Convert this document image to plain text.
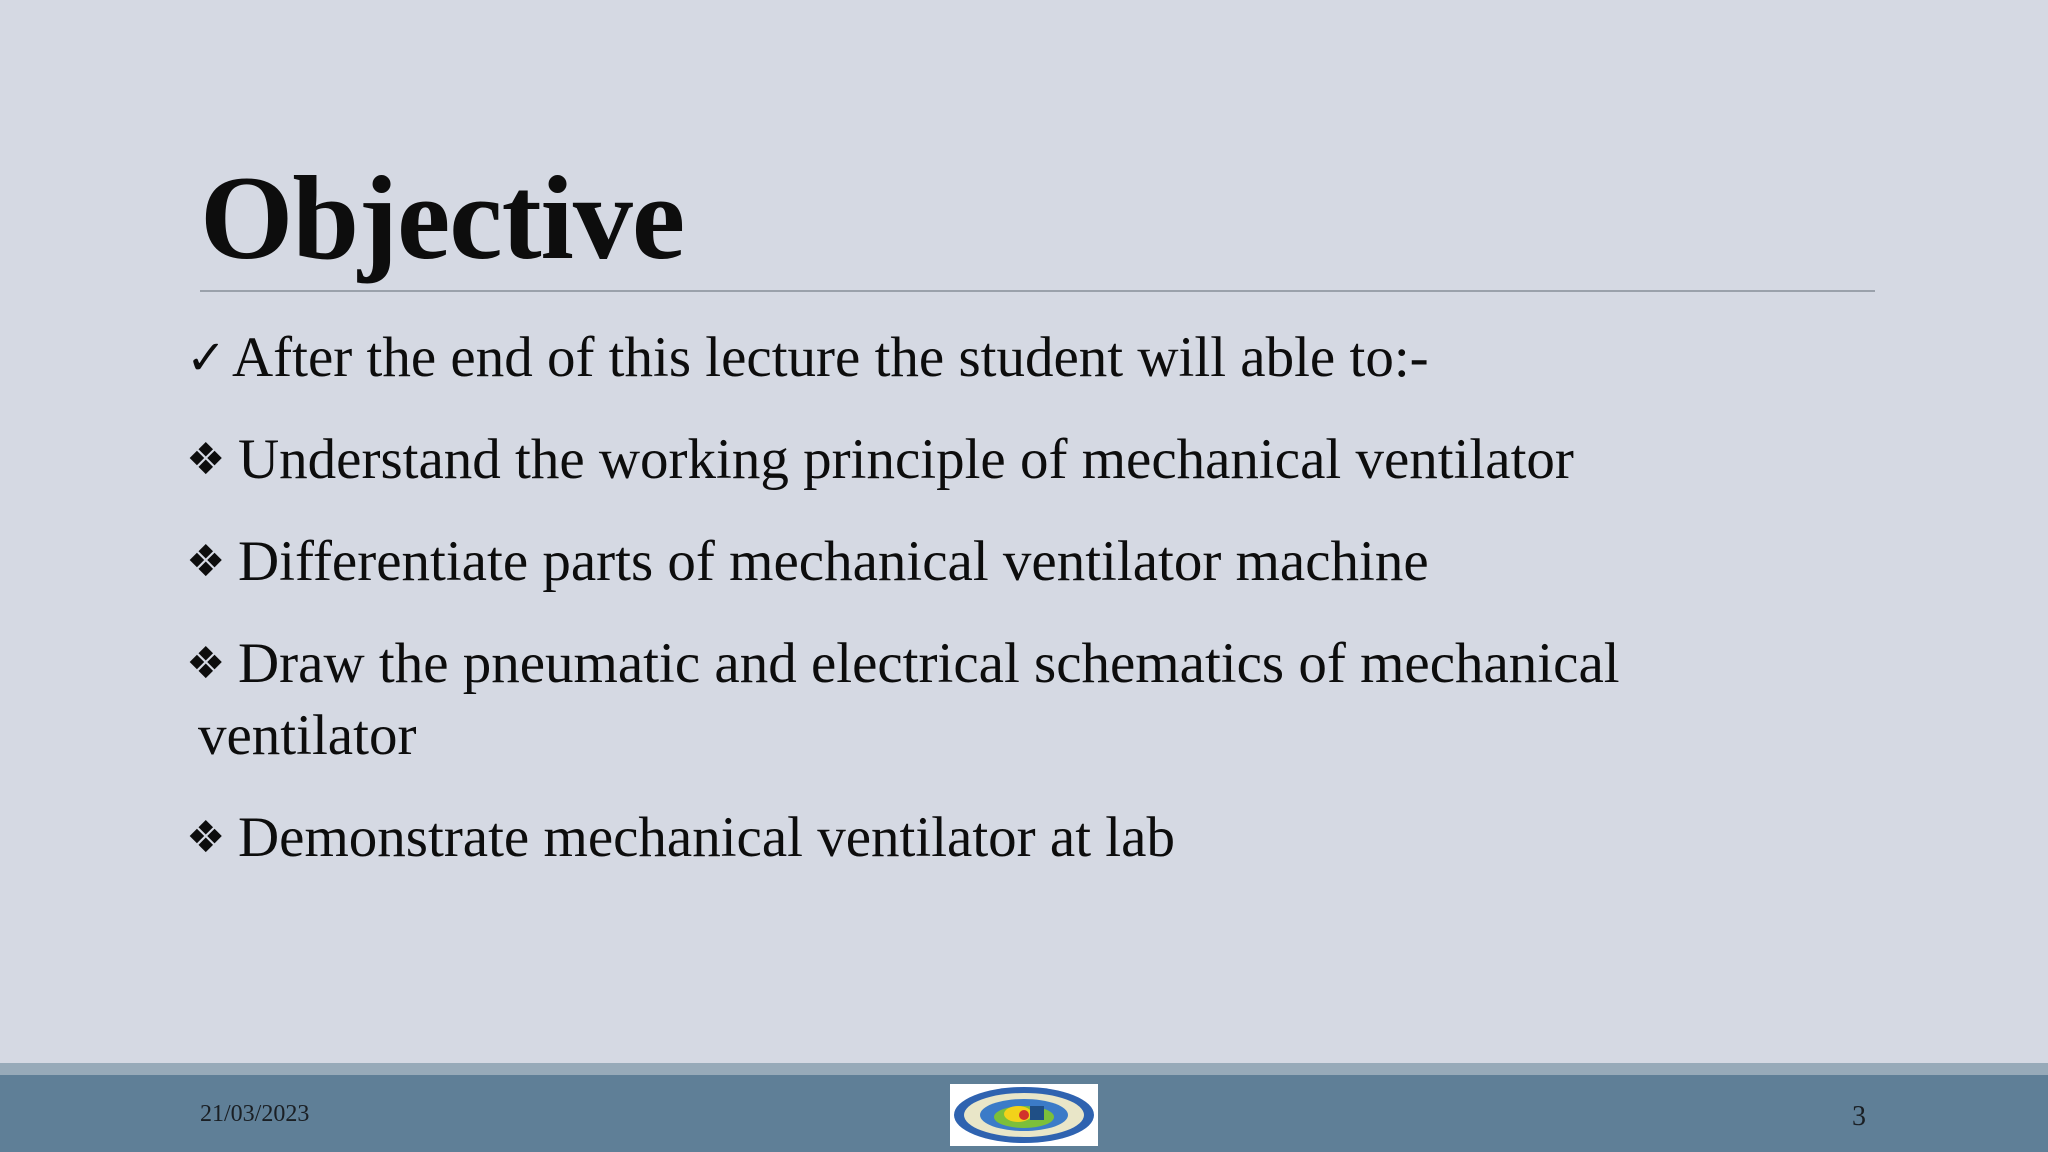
Objective
✓ After the end of this lecture the student will able to:-
❖ Understand the working principle of mechanical ventilator
❖ Differentiate parts of mechanical ventilator machine
❖ Draw the pneumatic and electrical schematics of mechanical
ventilator
❖ Demonstrate mechanical ventilator at lab
21/03/2023	3
